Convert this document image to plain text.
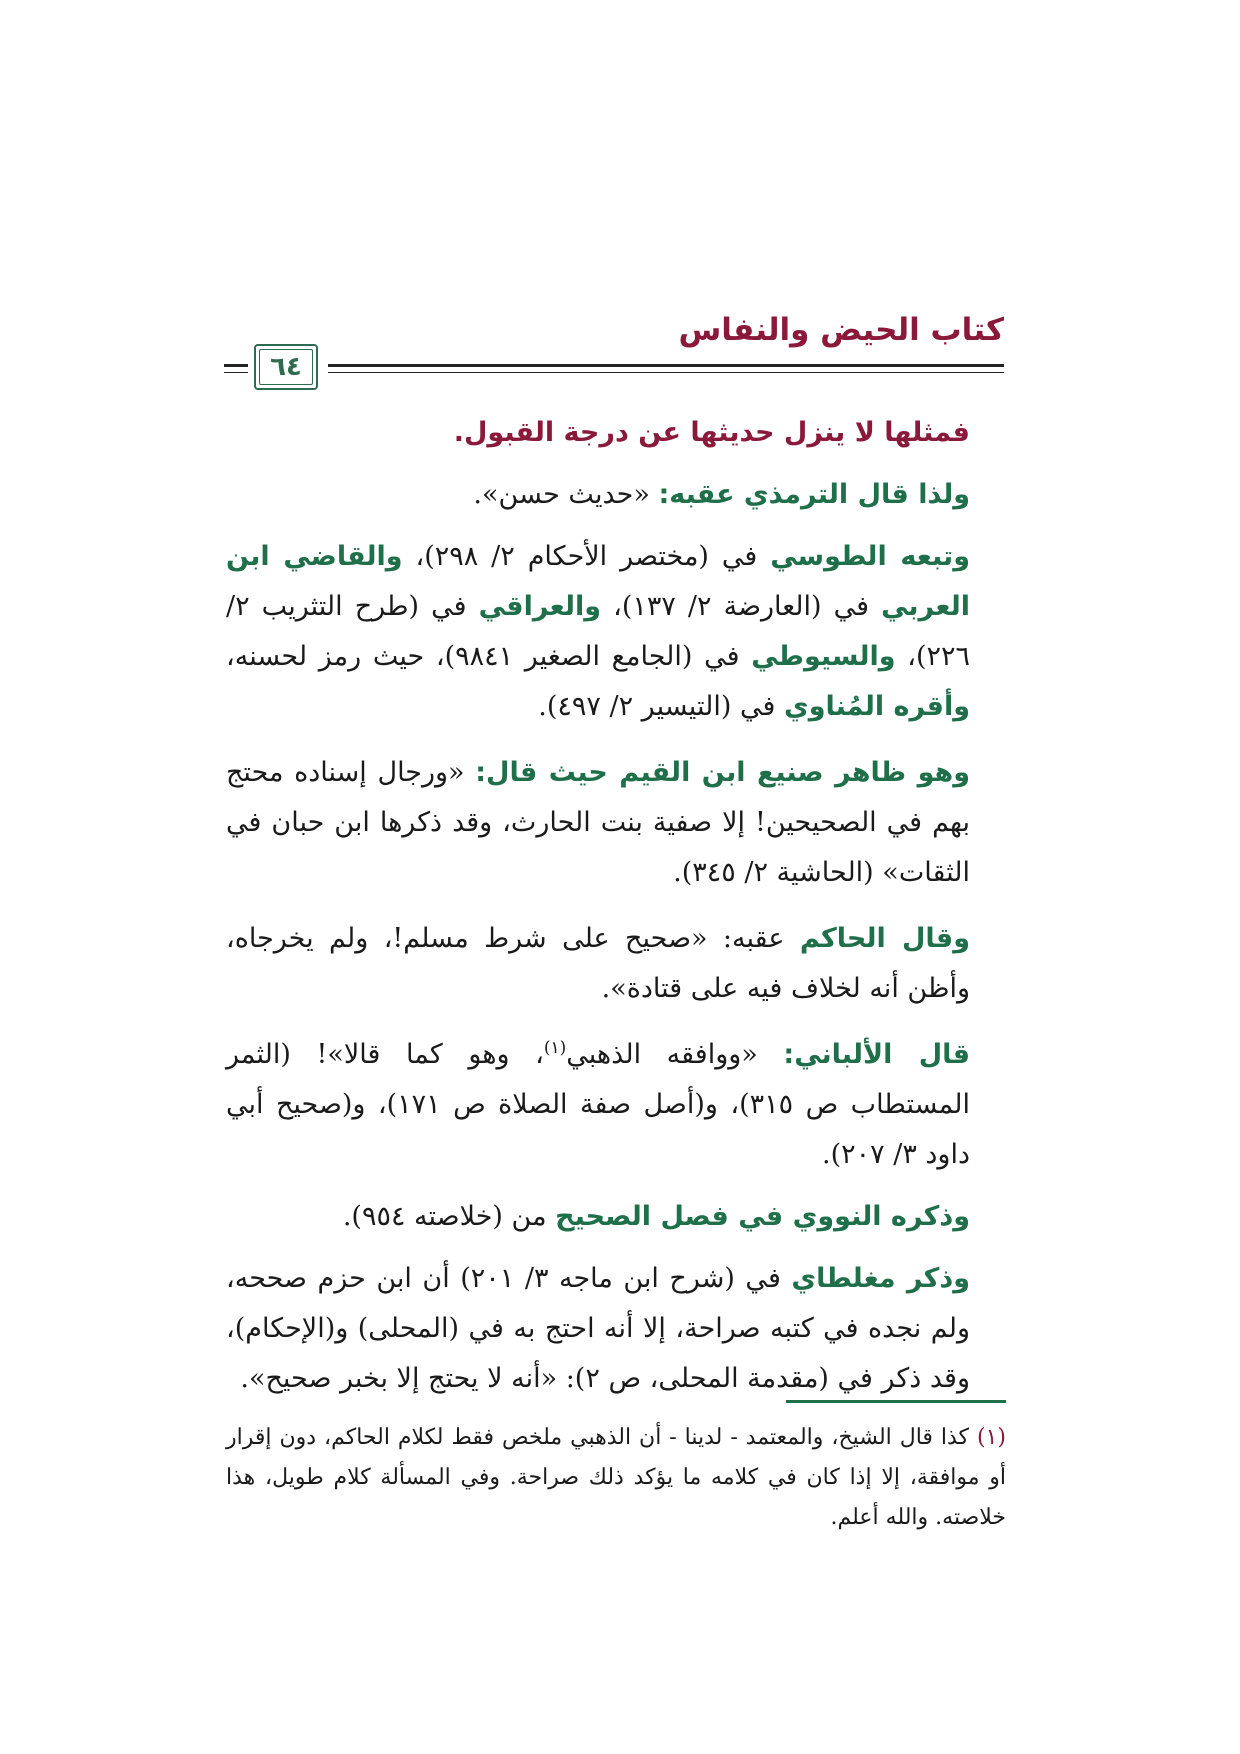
كتاب الحيض والنفاس
٦٤

فمثلها لا ينزل حديثها عن درجة القبول.

ولذا قال الترمذي عقبه: «حديث حسن».

وتبعه الطوسي في (مختصر الأحكام ٢/ ٢٩٨)، والقاضي ابن العربي في (العارضة ٢/ ١٣٧)، والعراقي في (طرح التثريب ٢/ ٢٢٦)، والسيوطي في (الجامع الصغير ٩٨٤١)، حيث رمز لحسنه، وأقره المُناوي في (التيسير ٢/ ٤٩٧).

وهو ظاهر صنيع ابن القيم حيث قال: «ورجال إسناده محتج بهم في الصحيحين! إلا صفية بنت الحارث، وقد ذكرها ابن حبان في الثقات» (الحاشية ٢/ ٣٤٥).

وقال الحاكم عقبه: «صحيح على شرط مسلم!، ولم يخرجاه، وأظن أنه لخلاف فيه على قتادة».

قال الألباني: «ووافقه الذهبي$^{(١)}$، وهو كما قالا»! (الثمر المستطاب ص ٣١٥)، و(أصل صفة الصلاة ص ١٧١)، و(صحيح أبي داود ٣/ ٢٠٧).

وذكره النووي في فصل الصحيح من (خلاصته ٩٥٤).

وذكر مغلطاي في (شرح ابن ماجه ٣/ ٢٠١) أن ابن حزم صححه، ولم نجده في كتبه صراحة، إلا أنه احتج به في (المحلى) و(الإحكام)، وقد ذكر في (مقدمة المحلى، ص ٢): «أنه لا يحتج إلا بخبر صحيح».

(١) كذا قال الشيخ، والمعتمد - لدينا - أن الذهبي ملخص فقط لكلام الحاكم، دون إقرار أو موافقة، إلا إذا كان في كلامه ما يؤكد ذلك صراحة. وفي المسألة كلام طويل، هذا خلاصته. والله أعلم.
